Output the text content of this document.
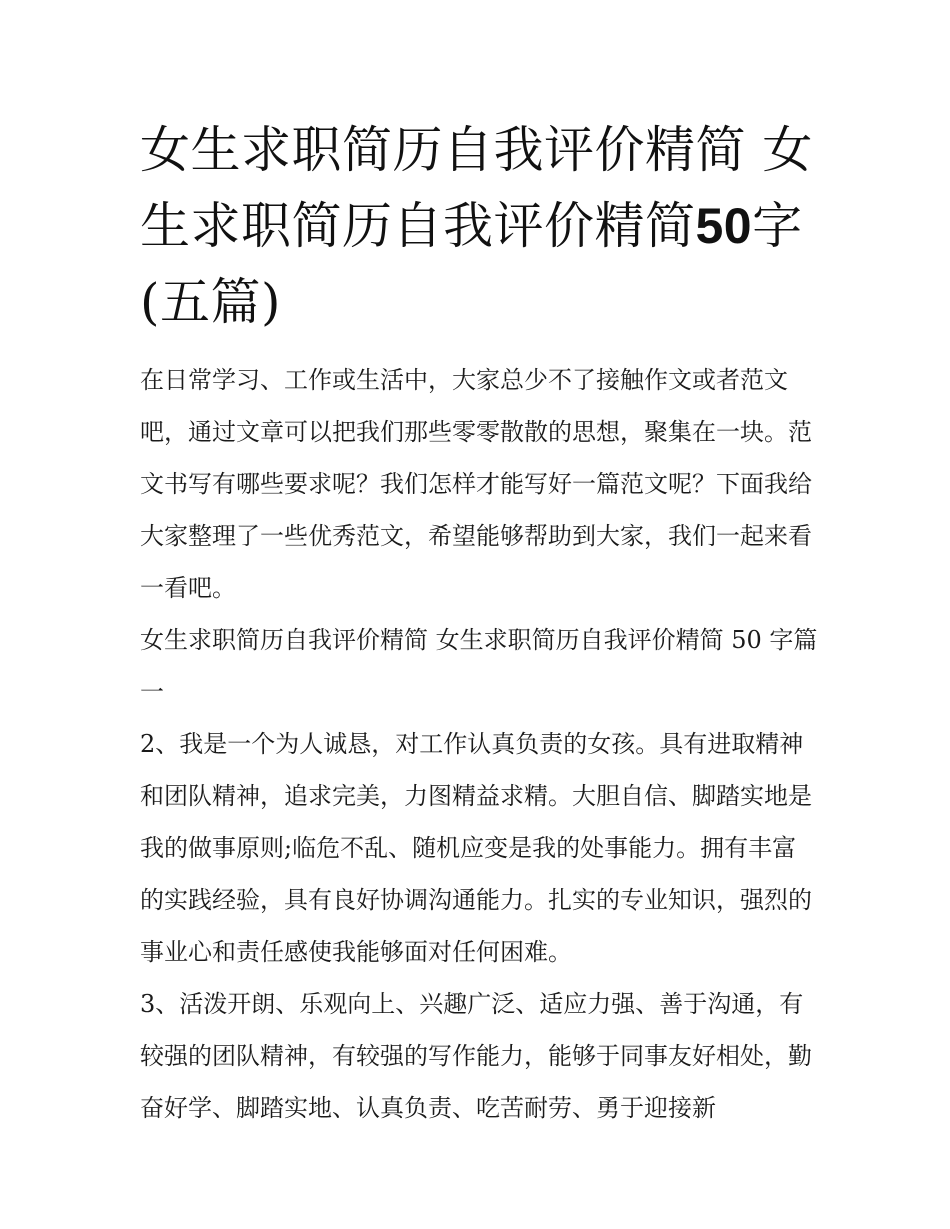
女生求职简历自我评价精简 女生求职简历自我评价精简50字(五篇)

在日常学习、工作或生活中，大家总少不了接触作文或者范文吧，通过文章可以把我们那些零零散散的思想，聚集在一块。范文书写有哪些要求呢？我们怎样才能写好一篇范文呢？下面我给大家整理了一些优秀范文，希望能够帮助到大家，我们一起来看一看吧。

女生求职简历自我评价精简 女生求职简历自我评价精简 50 字篇一

2、我是一个为人诚恳，对工作认真负责的女孩。具有进取精神和团队精神，追求完美，力图精益求精。大胆自信、脚踏实地是我的做事原则;临危不乱、随机应变是我的处事能力。拥有丰富的实践经验，具有良好协调沟通能力。扎实的专业知识，强烈的事业心和责任感使我能够面对任何困难。

3、活泼开朗、乐观向上、兴趣广泛、适应力强、善于沟通，有较强的团队精神，有较强的写作能力，能够于同事友好相处，勤奋好学、脚踏实地、认真负责、吃苦耐劳、勇于迎接新
